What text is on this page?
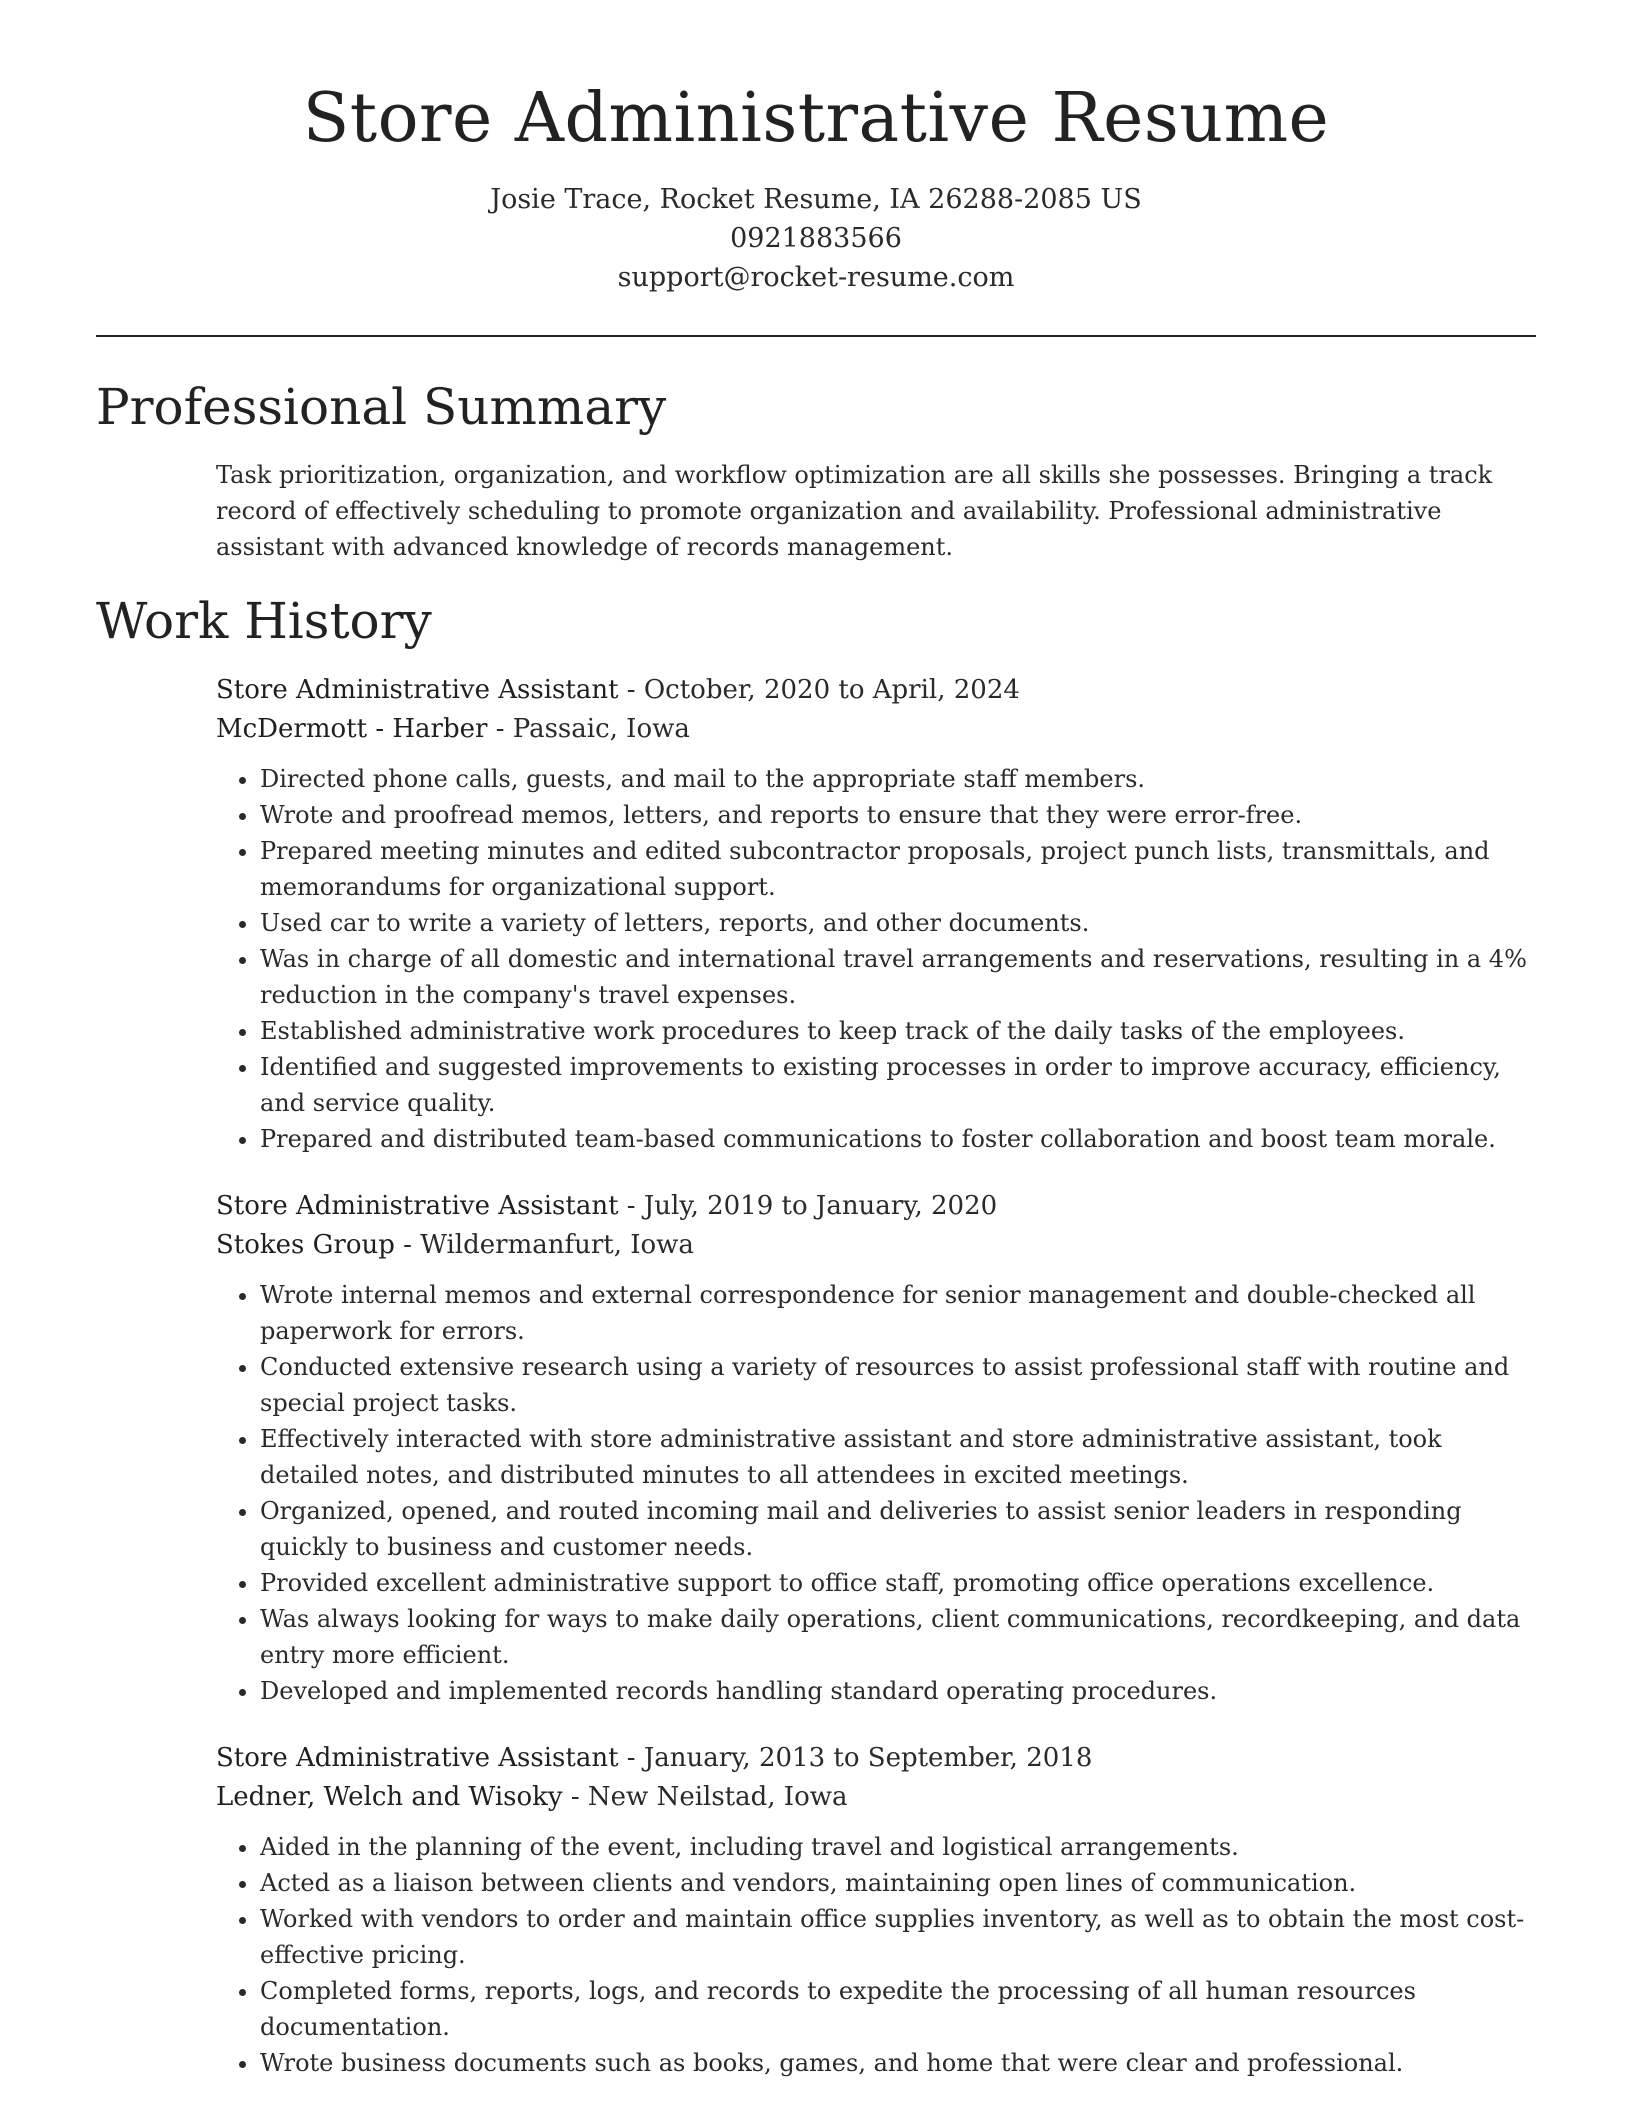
Store Administrative Resume
Josie Trace, Rocket Resume, IA 26288-2085 US
0921883566
support@rocket-resume.com
Professional Summary

Task prioritization, organization, and workflow optimization are all skills she possesses. Bringing a track record of effectively scheduling to promote organization and availability. Professional administrative assistant with advanced knowledge of records management.

Work History
Store Administrative Assistant - October, 2020 to April, 2024
McDermott - Harber - Passaic, Iowa
• Directed phone calls, guests, and mail to the appropriate staff members.
• Wrote and proofread memos, letters, and reports to ensure that they were error-free.
• Prepared meeting minutes and edited subcontractor proposals, project punch lists, transmittals, and memorandums for organizational support.
• Used car to write a variety of letters, reports, and other documents.
• Was in charge of all domestic and international travel arrangements and reservations, resulting in a 4% reduction in the company's travel expenses.
• Established administrative work procedures to keep track of the daily tasks of the employees.
• Identified and suggested improvements to existing processes in order to improve accuracy, efficiency, and service quality.
• Prepared and distributed team-based communications to foster collaboration and boost team morale.
Store Administrative Assistant - July, 2019 to January, 2020
Stokes Group - Wildermanfurt, Iowa
• Wrote internal memos and external correspondence for senior management and double-checked all paperwork for errors.
• Conducted extensive research using a variety of resources to assist professional staff with routine and special project tasks.
• Effectively interacted with store administrative assistant and store administrative assistant, took detailed notes, and distributed minutes to all attendees in excited meetings.
• Organized, opened, and routed incoming mail and deliveries to assist senior leaders in responding quickly to business and customer needs.
• Provided excellent administrative support to office staff, promoting office operations excellence.
• Was always looking for ways to make daily operations, client communications, recordkeeping, and data entry more efficient.
• Developed and implemented records handling standard operating procedures.
Store Administrative Assistant - January, 2013 to September, 2018
Ledner, Welch and Wisoky - New Neilstad, Iowa
• Aided in the planning of the event, including travel and logistical arrangements.
• Acted as a liaison between clients and vendors, maintaining open lines of communication.
• Worked with vendors to order and maintain office supplies inventory, as well as to obtain the most cost-effective pricing.
• Completed forms, reports, logs, and records to expedite the processing of all human resources documentation.
• Wrote business documents such as books, games, and home that were clear and professional.
